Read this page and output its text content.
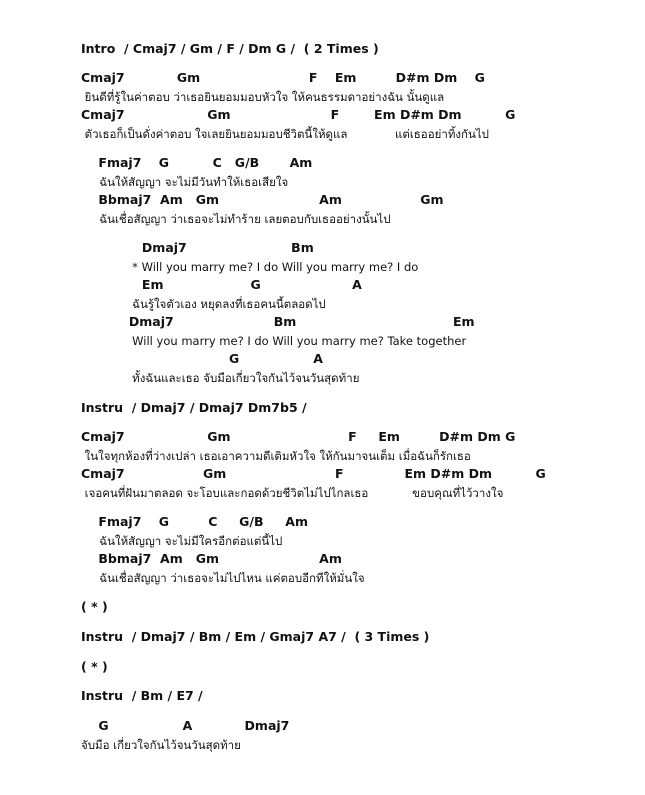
Intro  / Cmaj7 / Gm / F / Dm G /  ( 2 Times )
Cmaj7            Gm                         F    Em         D#m Dm    G
ยินดีที่รู้ในค่าตอบ ว่าเธอยินยอมมอบหัวใจ ให้คนธรรมดาอย่างฉัน นั้นดูแล
Cmaj7                   Gm                       F        Em D#m Dm          G
ตัวเธอก็เป็นดั่งค่าตอบ ใจเลยยินยอมมอบชีวิตนี้ให้ดูแล             แต่เธออย่าทิ้งกันไป
Fmaj7    G          C   G/B       Am
ฉันให้สัญญา จะไม่มีวันทำให้เธอเสียใจ
Bbmaj7  Am   Gm                       Am                  Gm
ฉันเชื่อสัญญา ว่าเธอจะไม่ทำร้าย เลยตอบกับเธออย่างนั้นไป
Dmaj7                        Bm
* Will you marry me? I do Will you marry me? I do
Em                    G                     A
ฉันรู้ใจตัวเอง หยุดลงที่เธอคนนี้ตลอดไป
Dmaj7                       Bm                                    Em
Will you marry me? I do Will you marry me? Take together
G                 A
ทั้งฉันและเธอ จับมือเกี่ยวใจกันไว้จนวันสุดท้าย
Instru  / Dmaj7 / Dmaj7 Dm7b5 /
Cmaj7                   Gm                           F     Em         D#m Dm G
ในใจทุกห้องที่ว่างเปล่า เธอเอาความดีเติมหัวใจ ให้กันมาจนเต็ม เมื่อฉันก็รักเธอ
Cmaj7                  Gm                         F              Em D#m Dm          G
เจอคนที่ฝันมาตลอด จะโอบและกอดด้วยชีวิตไม่ไปไกลเธอ            ขอบคุณที่ไว้วางใจ
Fmaj7    G         C     G/B     Am
ฉันให้สัญญา จะไม่มีใครอีกต่อแต่นี้ไป
Bbmaj7  Am   Gm                       Am
ฉันเชื่อสัญญา ว่าเธอจะไม่ไปไหน แค่ตอบอีกทีให้มั่นใจ
( * )
Instru  / Dmaj7 / Bm / Em / Gmaj7 A7 /  ( 3 Times )
( * )
Instru  / Bm / E7 /
G                 A            Dmaj7
จับมือ เกี่ยวใจกันไว้จนวันสุดท้าย
